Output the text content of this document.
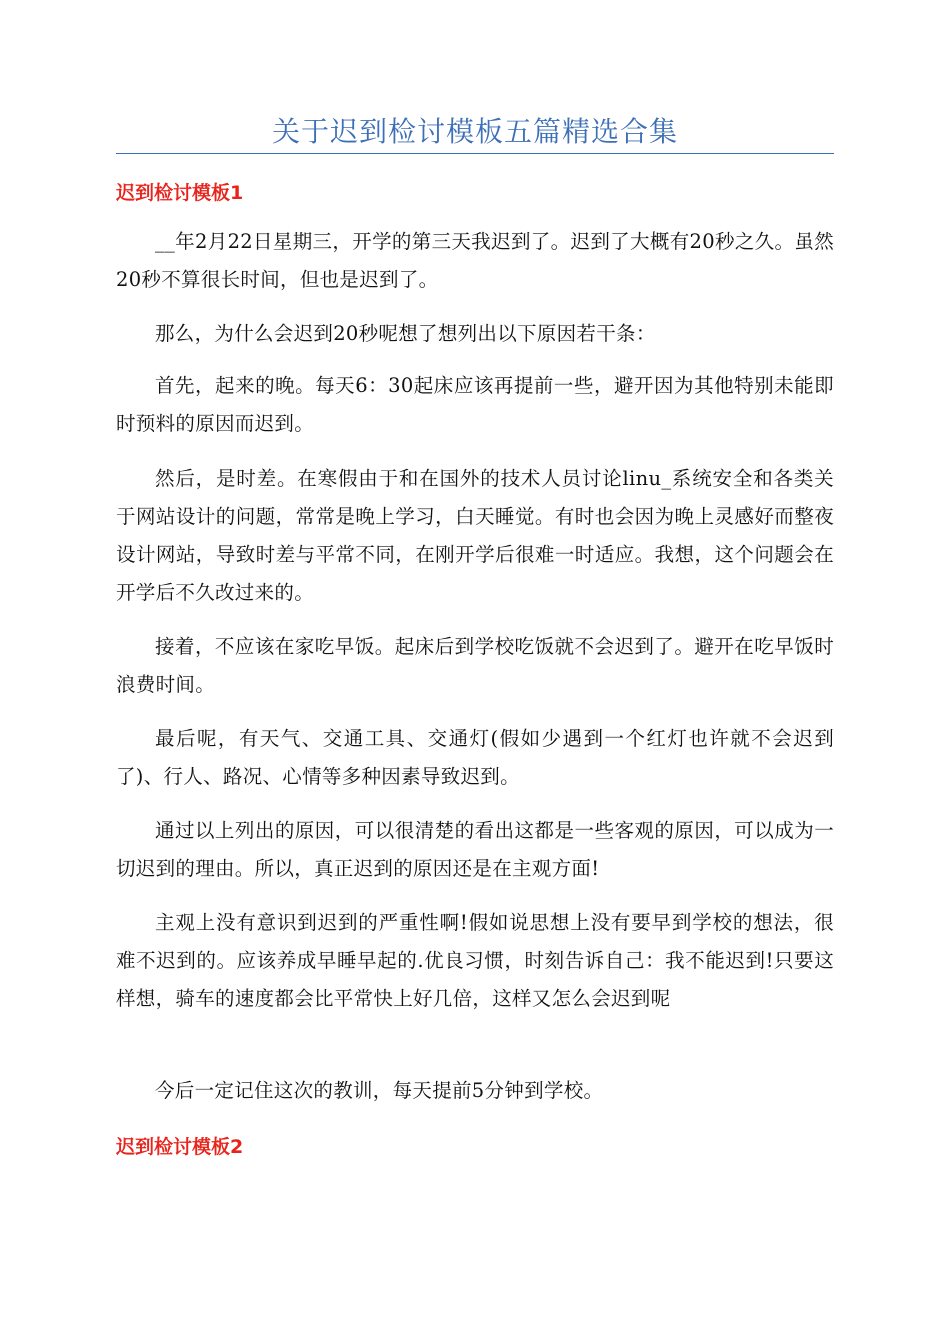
关于迟到检讨模板五篇精选合集
迟到检讨模板1

__年2月22日星期三，开学的第三天我迟到了。迟到了大概有20秒之久。虽然20秒不算很长时间，但也是迟到了。

那么，为什么会迟到20秒呢想了想列出以下原因若干条：

首先，起来的晚。每天6：30起床应该再提前一些，避开因为其他特别未能即时预料的原因而迟到。

然后，是时差。在寒假由于和在国外的技术人员讨论linu_系统安全和各类关于网站设计的问题，常常是晚上学习，白天睡觉。有时也会因为晚上灵感好而整夜设计网站，导致时差与平常不同，在刚开学后很难一时适应。我想，这个问题会在开学后不久改过来的。

接着，不应该在家吃早饭。起床后到学校吃饭就不会迟到了。避开在吃早饭时浪费时间。

最后呢，有天气、交通工具、交通灯(假如少遇到一个红灯也许就不会迟到了)、行人、路况、心情等多种因素导致迟到。

通过以上列出的原因，可以很清楚的看出这都是一些客观的原因，可以成为一切迟到的理由。所以，真正迟到的原因还是在主观方面!

主观上没有意识到迟到的严重性啊!假如说思想上没有要早到学校的想法，很难不迟到的。应该养成早睡早起的.优良习惯，时刻告诉自己：我不能迟到!只要这样想，骑车的速度都会比平常快上好几倍，这样又怎么会迟到呢

今后一定记住这次的教训，每天提前5分钟到学校。

迟到检讨模板2
